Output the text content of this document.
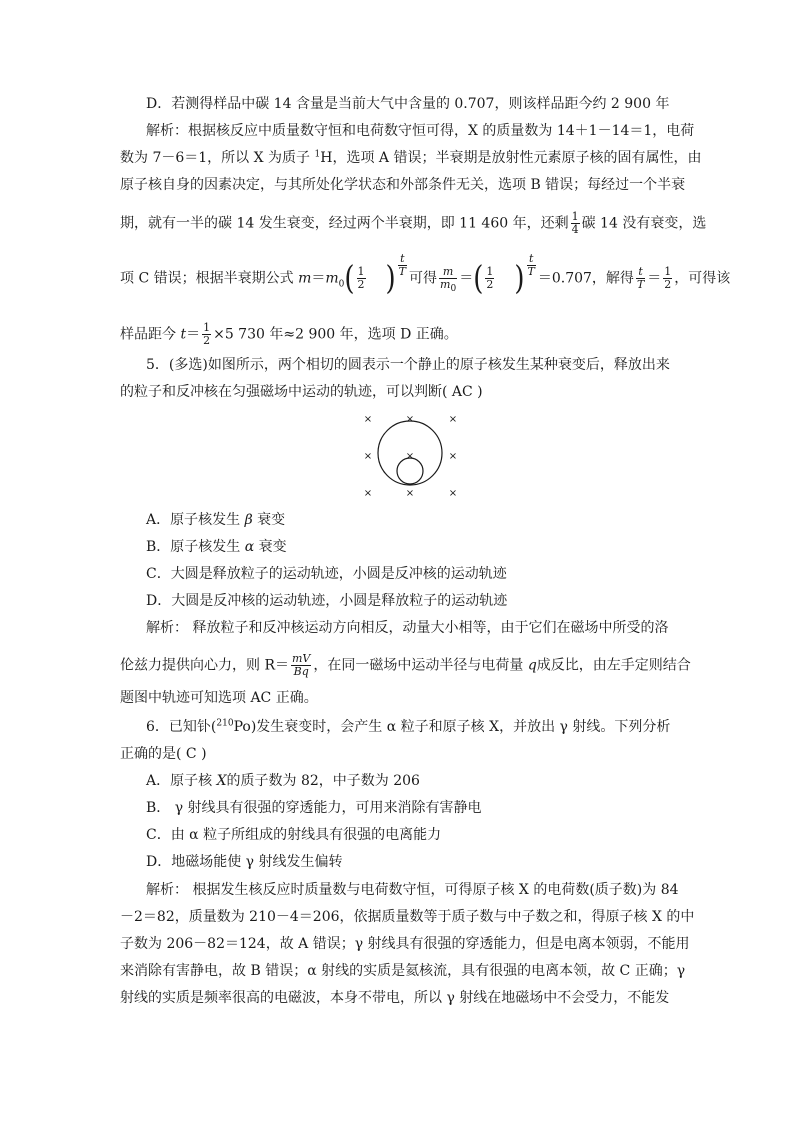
D．若测得样品中碳 14 含量是当前大气中含量的 0.707，则该样品距今约 2 900 年
解析：根据核反应中质量数守恒和电荷数守恒可得，X 的质量数为 14＋1－14＝1，电荷
数为 7－6＝1，所以 X 为质子 $^1$H，选项 A 错误；半衰期是放射性元素原子核的固有属性，由
原子核自身的因素决定，与其所处化学状态和外部条件无关，选项 B 错误；每经过一个半衰
期，就有一半的碳 14 发生衰变，经过两个半衰期，即 11 460 年，还剩 $\frac{1}{4}$ 碳 14 没有衰变，选
项 C 错误；根据半衰期公式 $m=m_0( \frac{1}{2}$ ) $^{\frac{t}{T}}$
可得 $\frac{m}{m_0}$ ＝( $\frac{1}{2}$ ) $^{\frac{t}{T}}$
＝0.707，解得 $\frac{t}{T} = \frac{1}{2}$ ，可得该
样品距今 $t= \frac{1}{2} \times 5$ 730 年≈2 900 年，选项 D 正确。
5．(多选)如图所示，两个相切的圆表示一个静止的原子核发生某种衰变后，释放出来
的粒子和反冲核在匀强磁场中运动的轨迹，可以判断( AC )
×	×	×
×	×	×
×	×	×
A．原子核发生 β 衰变
B．原子核发生 α 衰变
C．大圆是释放粒子的运动轨迹，小圆是反冲核的运动轨迹
D．大圆是反冲核的运动轨迹，小圆是释放粒子的运动轨迹
解析： 释放粒子和反冲核运动方向相反，动量大小相等，由于它们在磁场中所受的洛
伦兹力提供向心力，则 $R= \frac{mV}{Bq}$ ，在同一磁场中运动半径与电荷量 q成反比，由左手定则结合
题图中轨迹可知选项 AC 正确。
6．已知钋($^{210}$Po)发生衰变时，会产生 α 粒子和原子核 X，并放出 γ 射线。下列分析
正确的是( C )
A．原子核 X的质子数为 82，中子数为 206
B． γ 射线具有很强的穿透能力，可用来消除有害静电
C．由 α 粒子所组成的射线具有很强的电离能力
D．地磁场能使 γ 射线发生偏转
解析： 根据发生核反应时质量数与电荷数守恒，可得原子核 X 的电荷数(质子数)为 84
－2＝82，质量数为 210－4＝206，依据质量数等于质子数与中子数之和，得原子核 X 的中
子数为 206－82＝124，故 A 错误；γ 射线具有很强的穿透能力，但是电离本领弱，不能用
来消除有害静电，故 B 错误；α 射线的实质是氦核流，具有很强的电离本领，故 C 正确；γ
射线的实质是频率很高的电磁波，本身不带电，所以 γ 射线在地磁场中不会受力，不能发
